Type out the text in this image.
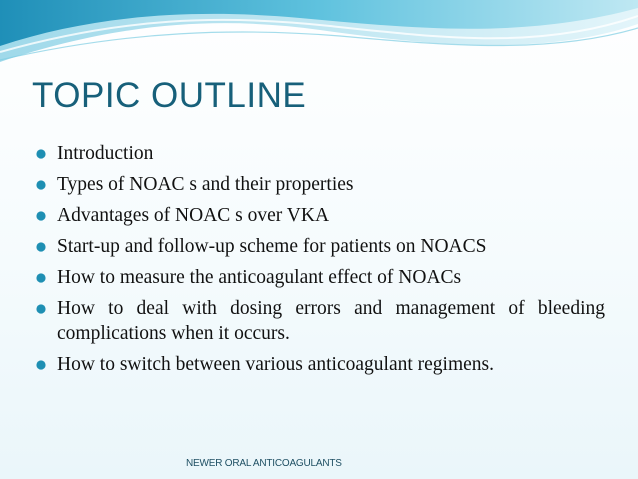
TOPIC OUTLINE
Introduction
Types of NOAC s and their properties
Advantages of NOAC s over VKA
Start-up and follow-up scheme for patients on NOACS
How to measure the anticoagulant effect of NOACs
How to deal with dosing errors and management of bleeding complications when it occurs.
How to switch between various anticoagulant regimens.

NEWER ORAL ANTICOAGULANTS
